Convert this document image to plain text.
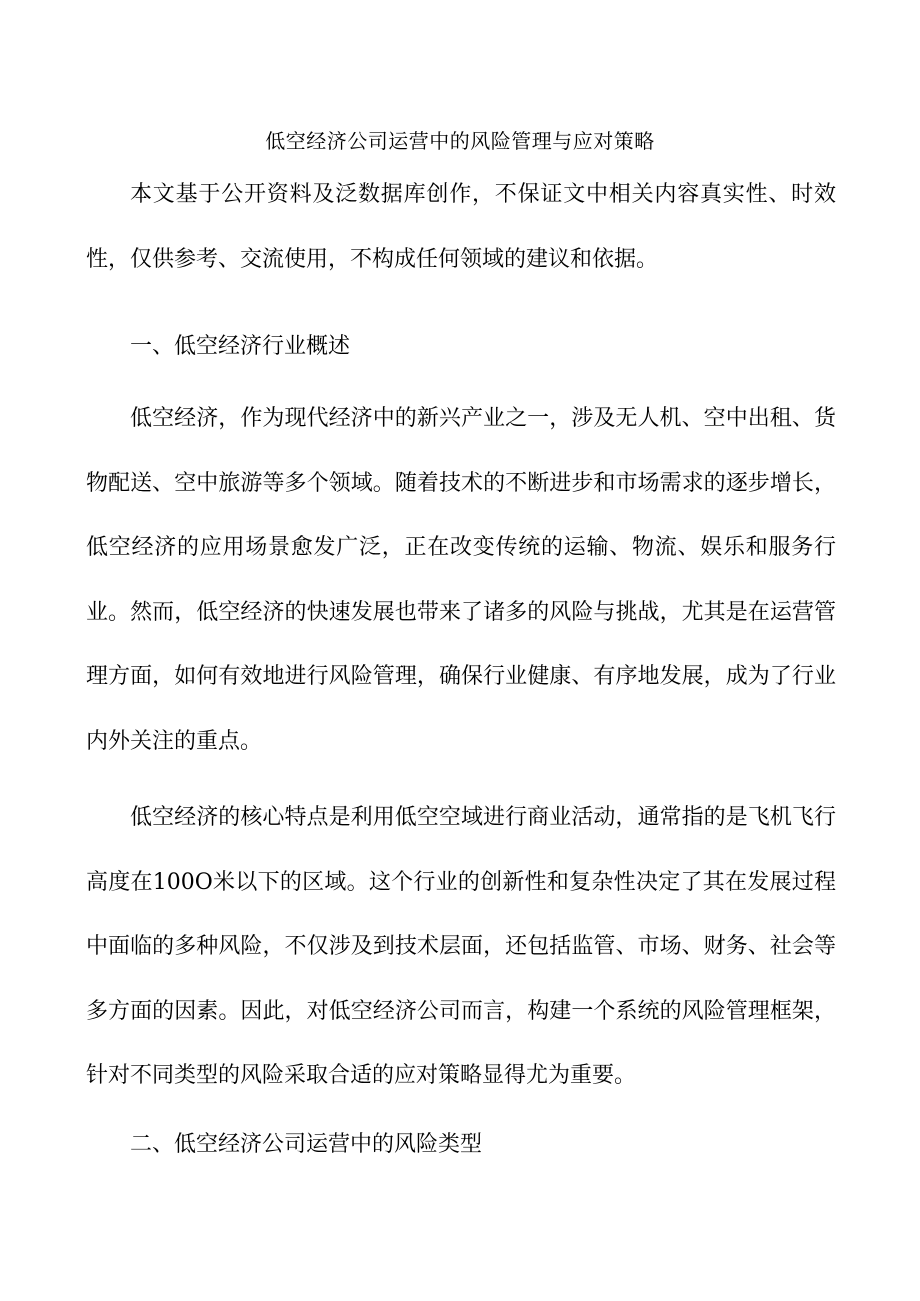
低空经济公司运营中的风险管理与应对策略

本文基于公开资料及泛数据库创作，不保证文中相关内容真实性、时效性，仅供参考、交流使用，不构成任何领域的建议和依据。

一、低空经济行业概述

低空经济，作为现代经济中的新兴产业之一，涉及无人机、空中出租、货物配送、空中旅游等多个领域。随着技术的不断进步和市场需求的逐步增长，低空经济的应用场景愈发广泛，正在改变传统的运输、物流、娱乐和服务行业。然而，低空经济的快速发展也带来了诸多的风险与挑战，尤其是在运营管理方面，如何有效地进行风险管理，确保行业健康、有序地发展，成为了行业内外关注的重点。

低空经济的核心特点是利用低空空域进行商业活动，通常指的是飞机飞行高度在100O米以下的区域。这个行业的创新性和复杂性决定了其在发展过程中面临的多种风险，不仅涉及到技术层面，还包括监管、市场、财务、社会等多方面的因素。因此，对低空经济公司而言，构建一个系统的风险管理框架，针对不同类型的风险采取合适的应对策略显得尤为重要。

二、低空经济公司运营中的风险类型
